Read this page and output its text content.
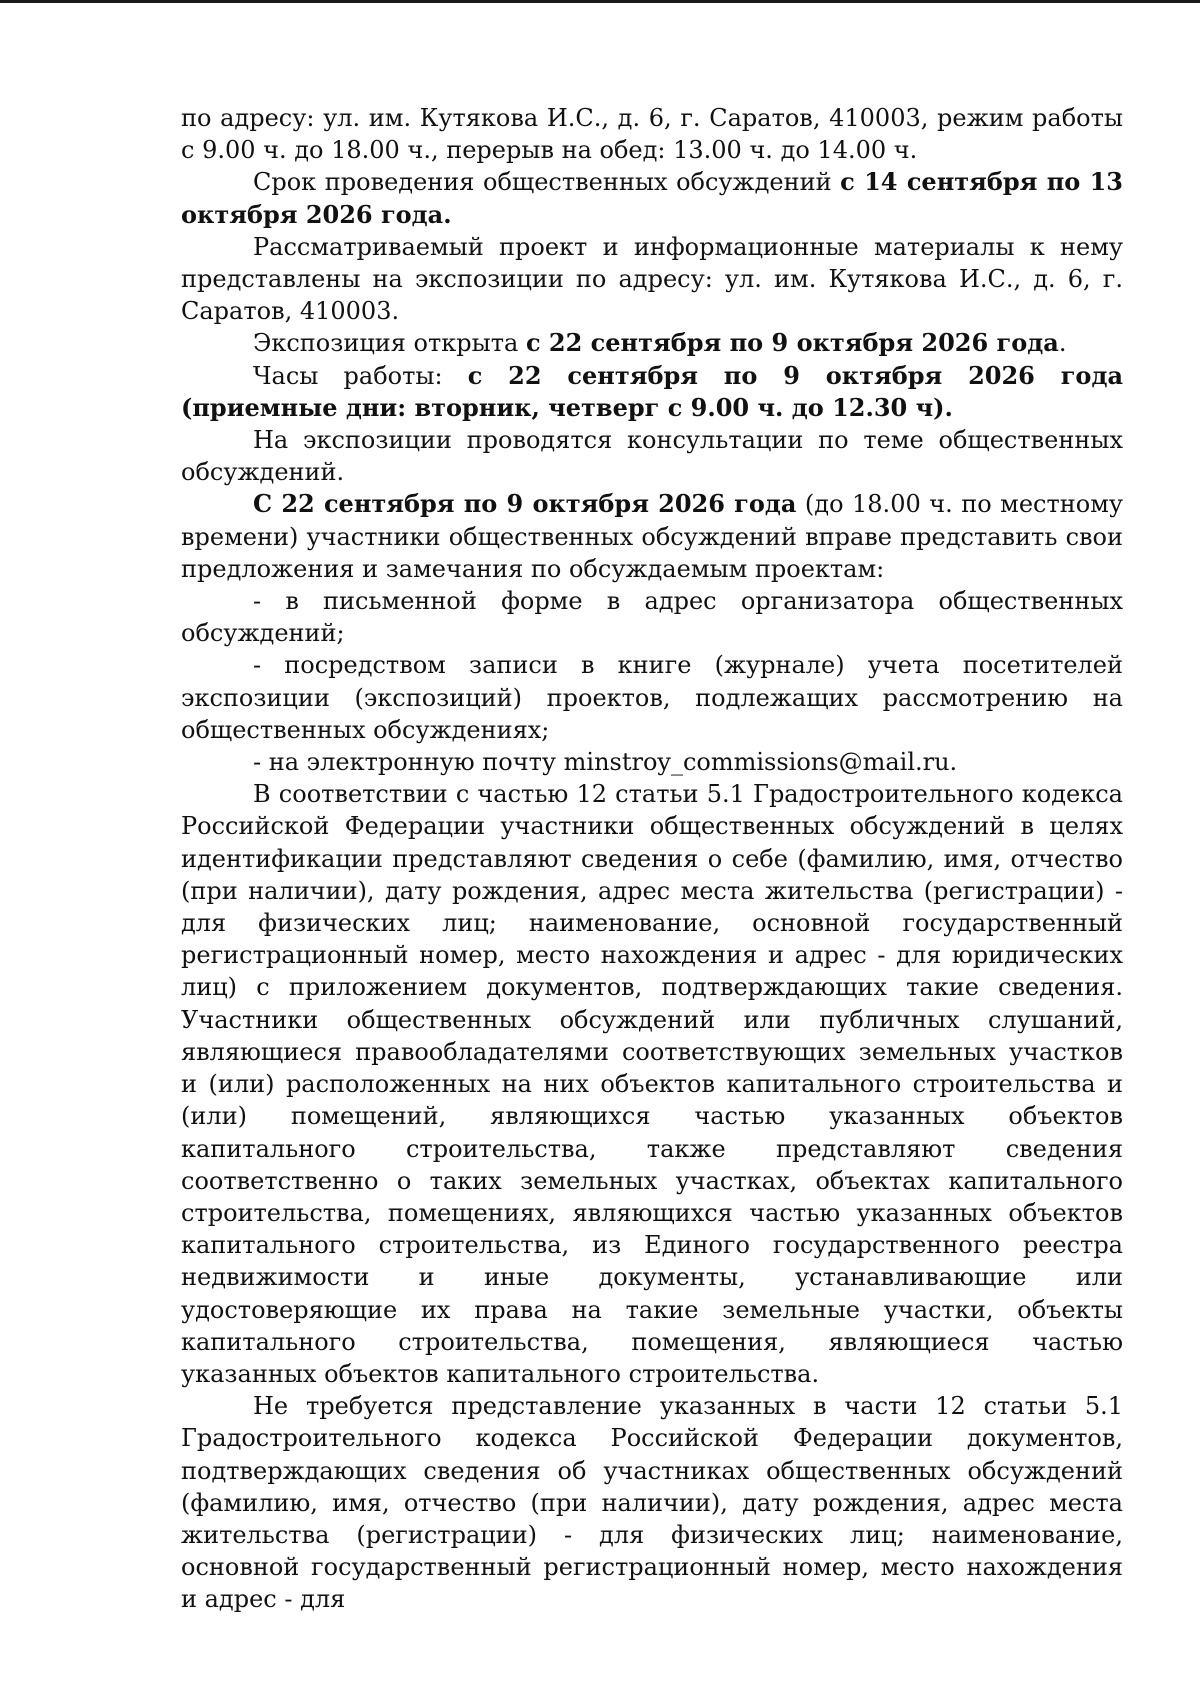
по адресу: ул. им. Кутякова И.С., д. 6, г. Саратов, 410003, режим работы с 9.00 ч. до 18.00 ч., перерыв на обед: 13.00 ч. до 14.00 ч.

Срок проведения общественных обсуждений с 14 сентября по 13 октября 2026 года.

Рассматриваемый проект и информационные материалы к нему представлены на экспозиции по адресу: ул. им. Кутякова И.С., д. 6, г. Саратов, 410003.

Экспозиция открыта с 22 сентября по 9 октября 2026 года.

Часы работы: с 22 сентября по 9 октября 2026 года (приемные дни: вторник, четверг с 9.00 ч. до 12.30 ч).

На экспозиции проводятся консультации по теме общественных обсуждений.

С 22 сентября по 9 октября 2026 года (до 18.00 ч. по местному времени) участники общественных обсуждений вправе представить свои предложения и замечания по обсуждаемым проектам:

- в письменной форме в адрес организатора общественных обсуждений;

- посредством записи в книге (журнале) учета посетителей экспозиции (экспозиций) проектов, подлежащих рассмотрению на общественных обсуждениях;

- на электронную почту minstroy_commissions@mail.ru.

В соответствии с частью 12 статьи 5.1 Градостроительного кодекса Российской Федерации участники общественных обсуждений в целях идентификации представляют сведения о себе (фамилию, имя, отчество (при наличии), дату рождения, адрес места жительства (регистрации) - для физических лиц; наименование, основной государственный регистрационный номер, место нахождения и адрес - для юридических лиц) с приложением документов, подтверждающих такие сведения. Участники общественных обсуждений или публичных слушаний, являющиеся правообладателями соответствующих земельных участков и (или) расположенных на них объектов капитального строительства и (или) помещений, являющихся частью указанных объектов капитального строительства, также представляют сведения соответственно о таких земельных участках, объектах капитального строительства, помещениях, являющихся частью указанных объектов капитального строительства, из Единого государственного реестра недвижимости и иные документы, устанавливающие или удостоверяющие их права на такие земельные участки, объекты капитального строительства, помещения, являющиеся частью указанных объектов капитального строительства.

Не требуется представление указанных в части 12 статьи 5.1 Градостроительного кодекса Российской Федерации документов, подтверждающих сведения об участниках общественных обсуждений (фамилию, имя, отчество (при наличии), дату рождения, адрес места жительства (регистрации) - для физических лиц; наименование, основной государственный регистрационный номер, место нахождения и адрес - для
